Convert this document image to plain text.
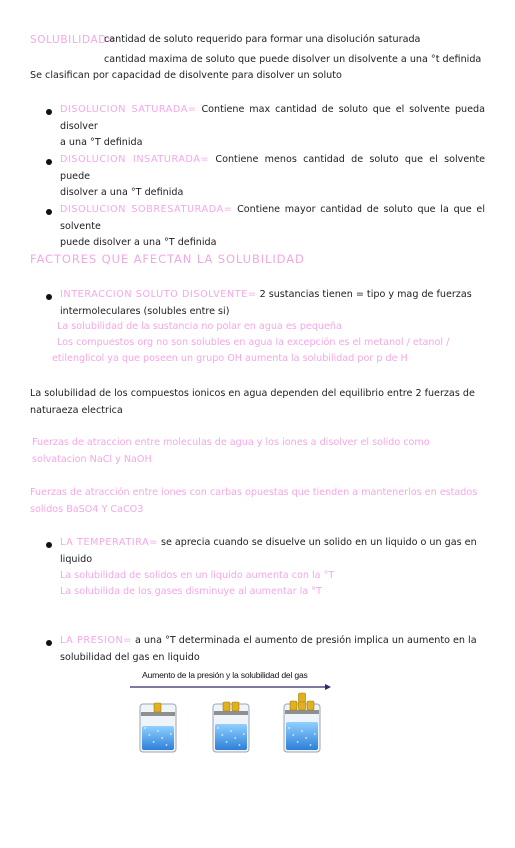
SOLUBILIDAD=
cantidad de soluto requerido para formar una disolución saturada
cantidad maxima de soluto que puede disolver un disolvente a una °t definida
Se clasifican por capacidad de disolvente para disolver un soluto
DISOLUCION SATURADA= Contiene max cantidad de soluto que el solvente pueda disolver
a una °T definida
DISOLUCION INSATURADA= Contiene menos cantidad de soluto que el solvente puede
disolver a una °T definida
DISOLUCION SOBRESATURADA= Contiene mayor cantidad de soluto que la que el solvente
puede disolver a una °T definida
FACTORES QUE AFECTAN LA SOLUBILIDAD
INTERACCION SOLUTO DISOLVENTE= 2 sustancias tienen = tipo y mag de fuerzas
intermoleculares (solubles entre si)
La solubilidad de la sustancia no polar en agua es pequeña
Los compuestos org no son solubles en agua la excepción es el metanol / etanol /
etilenglicol ya que poseen un grupo OH aumenta la solubilidad por p de H
La solubilidad de los compuestos ionicos en agua dependen del equilibrio entre 2 fuerzas de
naturaeza electrica
Fuerzas de atraccion entre moleculas de agua y los iones a disolver el solido como
solvatacion NaCl y NaOH
Fuerzas de atracción entre iones con carbas opuestas que tienden a mantenerlos en estados
solidos BaSO4 Y CaCO3
LA TEMPERATIRA= se aprecia cuando se disuelve un solido en un liquido o un gas en
liquido
La solubilidad de solidos en un liquido aumenta con la °T
La solubilida de los gases disminuye al aumentar la °T
LA PRESION= a una °T determinada el aumento de presión implica un aumento en la
solubilidad del gas en liquido
Aumento de la presión y la solubilidad del gas
